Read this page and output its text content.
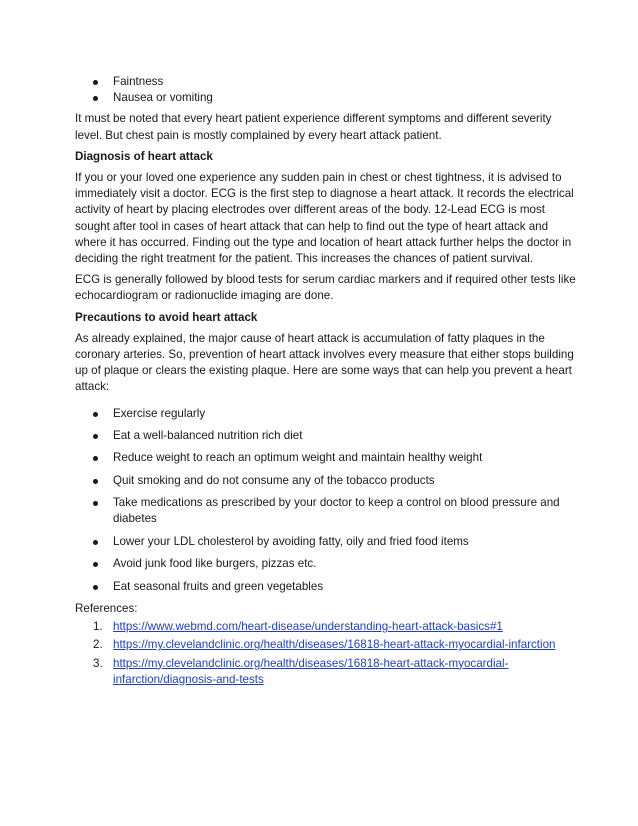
Faintness
Nausea or vomiting

It must be noted that every heart patient experience different symptoms and different severity level. But chest pain is mostly complained by every heart attack patient.

Diagnosis of heart attack

If you or your loved one experience any sudden pain in chest or chest tightness, it is advised to immediately visit a doctor. ECG is the first step to diagnose a heart attack. It records the electrical activity of heart by placing electrodes over different areas of the body. 12-Lead ECG is most sought after tool in cases of heart attack that can help to find out the type of heart attack and where it has occurred. Finding out the type and location of heart attack further helps the doctor in deciding the right treatment for the patient. This increases the chances of patient survival.

ECG is generally followed by blood tests for serum cardiac markers and if required other tests like echocardiogram or radionuclide imaging are done.

Precautions to avoid heart attack

As already explained, the major cause of heart attack is accumulation of fatty plaques in the coronary arteries. So, prevention of heart attack involves every measure that either stops building up of plaque or clears the existing plaque. Here are some ways that can help you prevent a heart attack:

Exercise regularly
Eat a well-balanced nutrition rich diet
Reduce weight to reach an optimum weight and maintain healthy weight
Quit smoking and do not consume any of the tobacco products
Take medications as prescribed by your doctor to keep a control on blood pressure and diabetes
Lower your LDL cholesterol by avoiding fatty, oily and fried food items
Avoid junk food like burgers, pizzas etc.
Eat seasonal fruits and green vegetables

References:

1. https://www.webmd.com/heart-disease/understanding-heart-attack-basics#1
2. https://my.clevelandclinic.org/health/diseases/16818-heart-attack-myocardial-infarction
3. https://my.clevelandclinic.org/health/diseases/16818-heart-attack-myocardial-infarction/diagnosis-and-tests
